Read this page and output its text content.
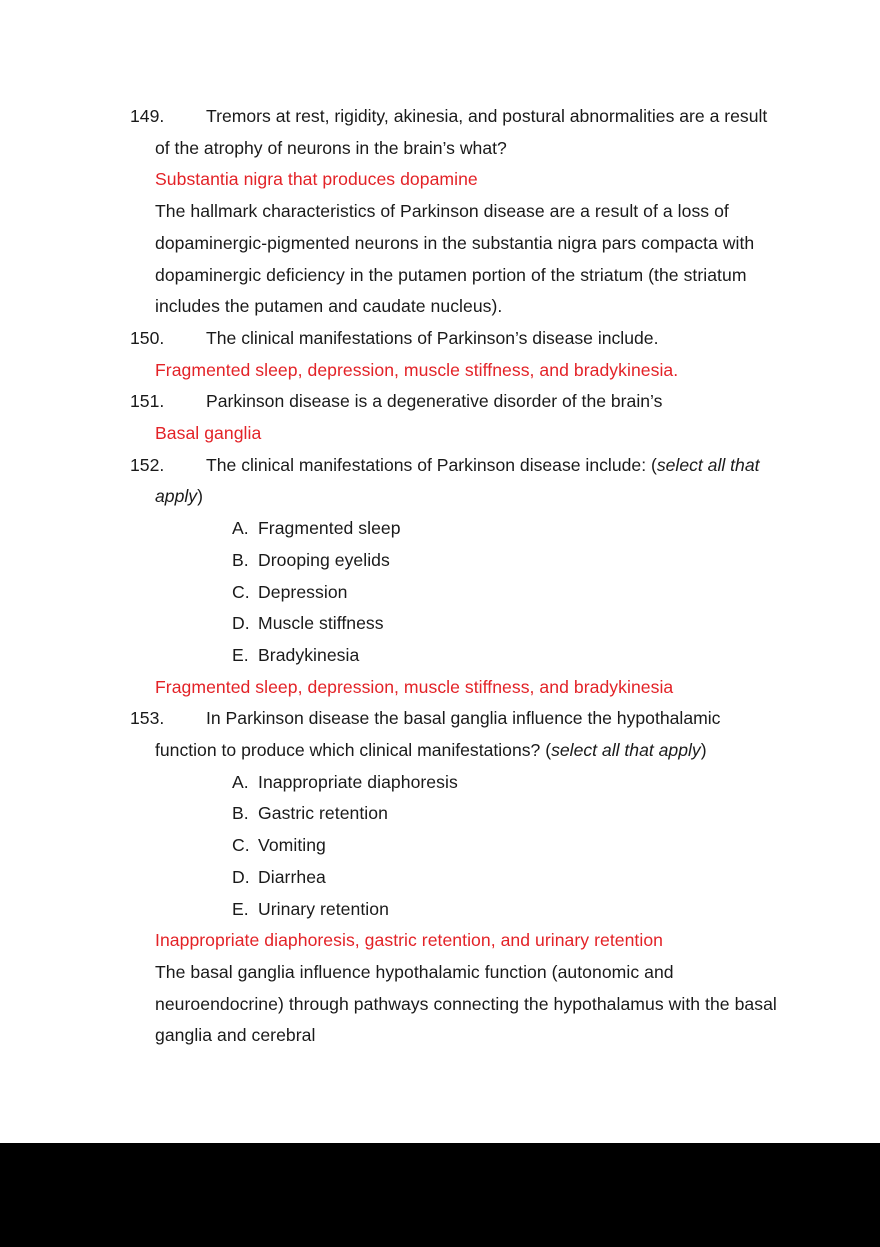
149.	Tremors at rest, rigidity, akinesia, and postural abnormalities are a result of the atrophy of neurons in the brain’s what?
Substantia nigra that produces dopamine
The hallmark characteristics of Parkinson disease are a result of a loss of dopaminergic-pigmented neurons in the substantia nigra pars compacta with dopaminergic deficiency in the putamen portion of the striatum (the striatum includes the putamen and caudate nucleus).
150.	The clinical manifestations of Parkinson’s disease include.
Fragmented sleep, depression, muscle stiffness, and bradykinesia.
151.	Parkinson disease is a degenerative disorder of the brain’s
Basal ganglia
152.	The clinical manifestations of Parkinson disease include: (select all that apply)
A. Fragmented sleep
B. Drooping eyelids
C. Depression
D. Muscle stiffness
E. Bradykinesia
Fragmented sleep, depression, muscle stiffness, and bradykinesia
153.	In Parkinson disease the basal ganglia influence the hypothalamic function to produce which clinical manifestations? (select all that apply)
A. Inappropriate diaphoresis
B. Gastric retention
C. Vomiting
D. Diarrhea
E. Urinary retention
Inappropriate diaphoresis, gastric retention, and urinary retention
The basal ganglia influence hypothalamic function (autonomic and neuroendocrine) through pathways connecting the hypothalamus with the basal ganglia and cerebral
